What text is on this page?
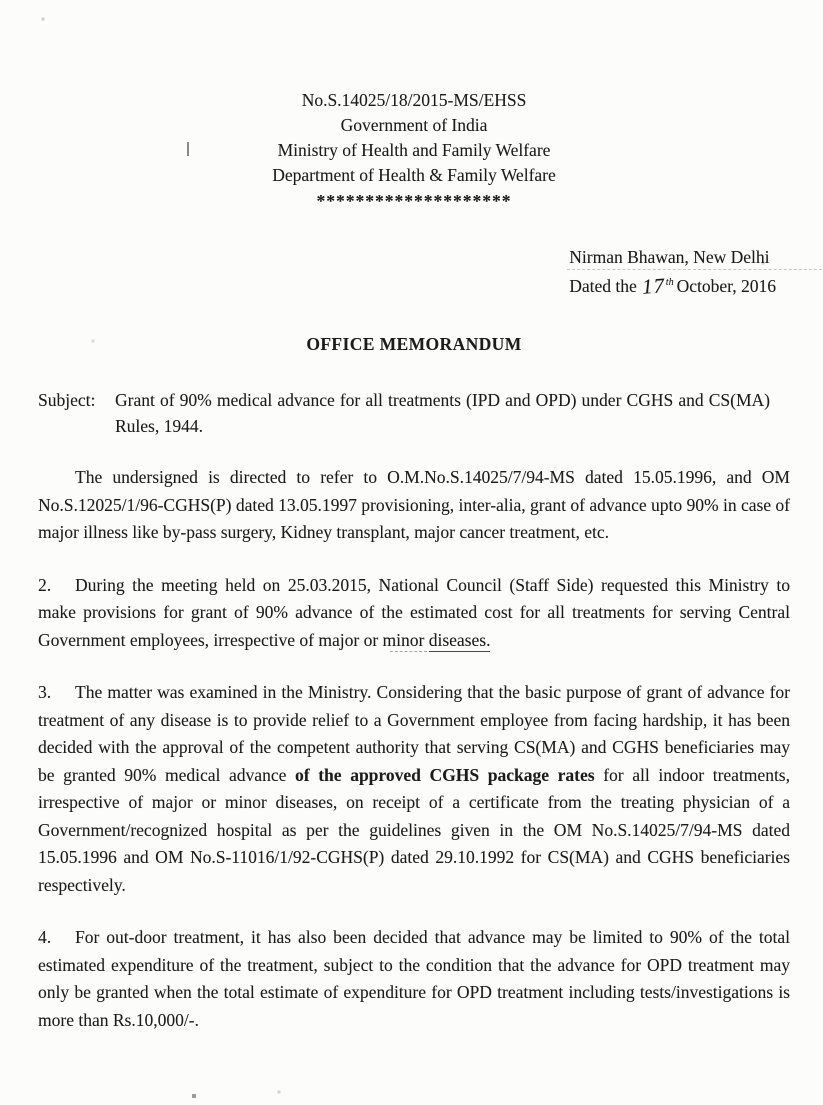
No.S.14025/18/2015-MS/EHSS
Government of India
Ministry of Health and Family Welfare
Department of Health & Family Welfare
********************
Nirman Bhawan, New Delhi
Dated the 17th October, 2016
OFFICE MEMORANDUM
Subject:	Grant of 90% medical advance for all treatments (IPD and OPD) under CGHS and CS(MA) Rules, 1944.

The undersigned is directed to refer to O.M.No.S.14025/7/94-MS dated 15.05.1996, and OM No.S.12025/1/96-CGHS(P) dated 13.05.1997 provisioning, inter-alia, grant of advance upto 90% in case of major illness like by-pass surgery, Kidney transplant, major cancer treatment, etc.

2. During the meeting held on 25.03.2015, National Council (Staff Side) requested this Ministry to make provisions for grant of 90% advance of the estimated cost for all treatments for serving Central Government employees, irrespective of major or minor diseases.

3. The matter was examined in the Ministry. Considering that the basic purpose of grant of advance for treatment of any disease is to provide relief to a Government employee from facing hardship, it has been decided with the approval of the competent authority that serving CS(MA) and CGHS beneficiaries may be granted 90% medical advance of the approved CGHS package rates for all indoor treatments, irrespective of major or minor diseases, on receipt of a certificate from the treating physician of a Government/recognized hospital as per the guidelines given in the OM No.S.14025/7/94-MS dated 15.05.1996 and OM No.S-11016/1/92-CGHS(P) dated 29.10.1992 for CS(MA) and CGHS beneficiaries respectively.

4. For out-door treatment, it has also been decided that advance may be limited to 90% of the total estimated expenditure of the treatment, subject to the condition that the advance for OPD treatment may only be granted when the total estimate of expenditure for OPD treatment including tests/investigations is more than Rs.10,000/-.
